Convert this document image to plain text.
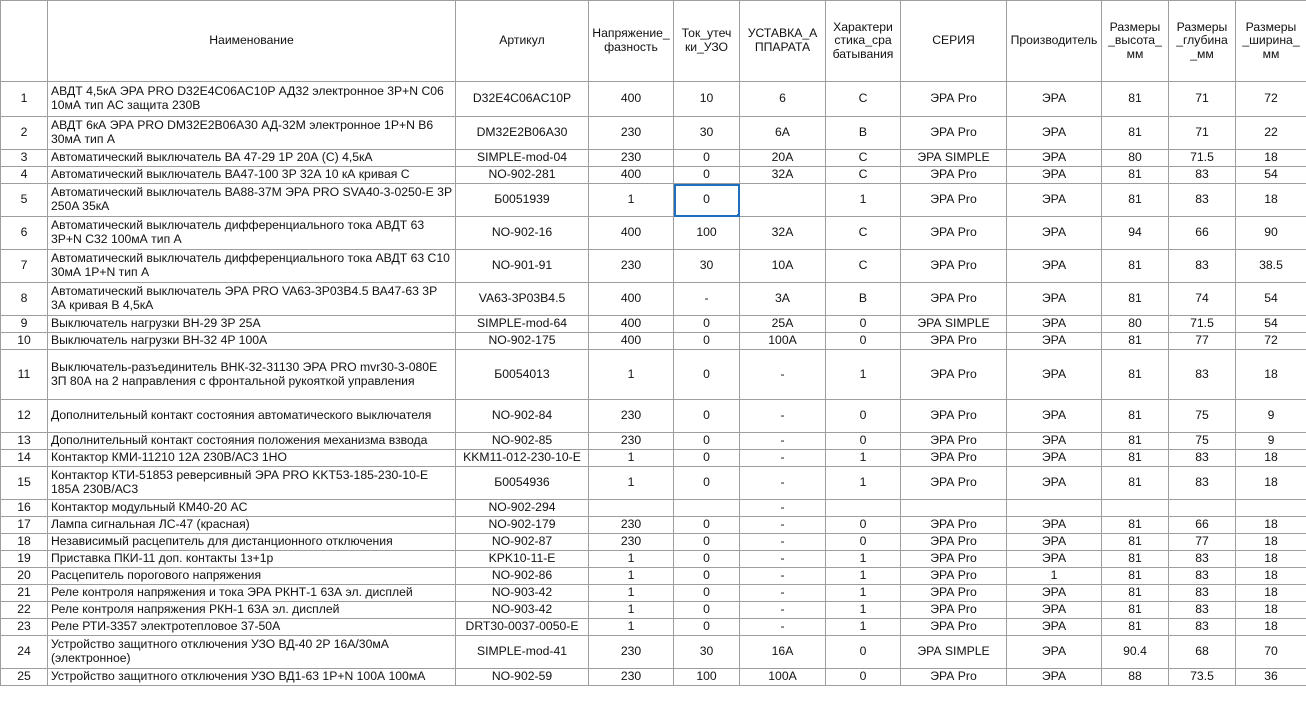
	Наименование	Артикул	Напряжение_ фазность	Ток_утеч ки_УЗО	УСТАВКА_А ППАРАТА	Характери стика_сра батывания	СЕРИЯ	Производитель	Размеры _высота_ мм	Размеры _глубина _мм	Размеры _ширина_ мм
1	АВДТ 4,5кА ЭРА PRO D32E4C06AC10P АД32 электронное 3P+N C06 10мА тип AC защита 230В	D32E4C06AC10P	400	10	6	C	ЭРА Pro	ЭРА	81	71	72
2	АВДТ 6кА ЭРА PRO DM32E2B06A30 АД-32М электронное 1P+N B6 30мА тип A	DM32E2B06A30	230	30	6A	B	ЭРА Pro	ЭРА	81	71	22
3	Автоматический выключатель ВА 47-29 1Р 20А (С) 4,5кА	SIMPLE-mod-04	230	0	20A	C	ЭРА SIMPLE	ЭРА	80	71.5	18
4	Автоматический выключатель ВА47-100 3P 32А 10 кА кривая С	NO-902-281	400	0	32A	C	ЭРА Pro	ЭРА	81	83	54
5	Автоматический выключатель ВА88-37М ЭРА PRO SVA40-3-0250-E 3P 250A 35кА	Б0051939	1	0		1	ЭРА Pro	ЭРА	81	83	18
6	Автоматический выключатель дифференциального тока АВДТ 63 3P+N C32 100мА тип A	NO-902-16	400	100	32A	C	ЭРА Pro	ЭРА	94	66	90
7	Автоматический выключатель дифференциального тока АВДТ 63 C10 30мА 1P+N тип A	NO-901-91	230	30	10A	C	ЭРА Pro	ЭРА	81	83	38.5
8	Автоматический выключатель ЭРА PRO VA63-3P03B4.5 ВА47-63 3P 3А кривая B 4,5кА	VA63-3P03B4.5	400	-	3A	B	ЭРА Pro	ЭРА	81	74	54
9	Выключатель нагрузки ВН-29 3Р 25А	SIMPLE-mod-64	400	0	25A	0	ЭРА SIMPLE	ЭРА	80	71.5	54
10	Выключатель нагрузки ВН-32 4P 100А	NO-902-175	400	0	100A	0	ЭРА Pro	ЭРА	81	77	72
11	Выключатель-разъединитель ВНК-32-31130 ЭРА PRO mvr30-3-080E 3П 80А на 2 направления с фронтальной рукояткой управления	Б0054013	1	0	-	1	ЭРА Pro	ЭРА	81	83	18
12	Дополнительный контакт состояния автоматического выключателя	NO-902-84	230	0	-	0	ЭРА Pro	ЭРА	81	75	9
13	Дополнительный контакт состояния положения механизма взвода	NO-902-85	230	0	-	0	ЭРА Pro	ЭРА	81	75	9
14	Контактор КМИ-11210 12А 230В/АС3 1НО	KKM11-012-230-10-E	1	0	-	1	ЭРА Pro	ЭРА	81	83	18
15	Контактор КТИ-51853 реверсивный ЭРА PRO KKT53-185-230-10-E 185А 230В/АС3	Б0054936	1	0	-	1	ЭРА Pro	ЭРА	81	83	18
16	Контактор модульный КМ40-20 AC	NO-902-294			-						
17	Лампа сигнальная ЛС-47 (красная)	NO-902-179	230	0	-	0	ЭРА Pro	ЭРА	81	66	18
18	Независимый расцепитель для дистанционного отключения	NO-902-87	230	0	-	0	ЭРА Pro	ЭРА	81	77	18
19	Приставка ПКИ-11 доп. контакты 1з+1р	KPK10-11-E	1	0	-	1	ЭРА Pro	ЭРА	81	83	18
20	Расцепитель порогового напряжения	NO-902-86	1	0	-	1	ЭРА Pro	1	81	83	18
21	Реле контроля напряжения и тока ЭРА РКНТ-1 63А эл. дисплей	NO-903-42	1	0	-	1	ЭРА Pro	ЭРА	81	83	18
22	Реле контроля напряжения РКН-1 63А эл. дисплей	NO-903-42	1	0	-	1	ЭРА Pro	ЭРА	81	83	18
23	Реле РТИ-3357 электротепловое 37-50А	DRT30-0037-0050-E	1	0	-	1	ЭРА Pro	ЭРА	81	83	18
24	Устройство защитного отключения УЗО ВД-40 2P 16А/30мА (электронное)	SIMPLE-mod-41	230	30	16A	0	ЭРА SIMPLE	ЭРА	90.4	68	70
25	Устройство защитного отключения УЗО ВД1-63 1P+N 100А 100мА	NO-902-59	230	100	100A	0	ЭРА Pro	ЭРА	88	73.5	36
